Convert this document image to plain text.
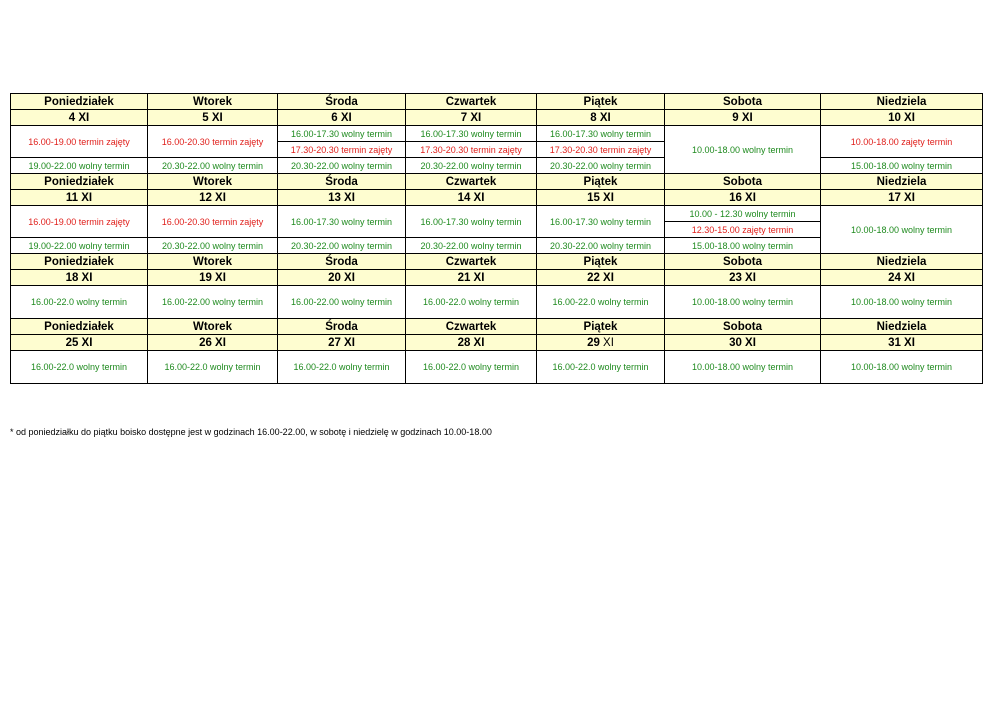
Poniedziałek	Wtorek	Środa	Czwartek	Piątek	Sobota	Niedziela
4 XI	5 XI	6 XI	7 XI	8 XI	9 XI	10 XI
16.00-19.00 termin zajęty	16.00-20.30 termin zajęty	16.00-17.30 wolny termin	16.00-17.30 wolny termin	16.00-17.30 wolny termin	10.00-18.00 wolny termin	10.00-18.00 zajęty termin
		17.30-20.30 termin zajęty	17.30-20.30 termin zajęty	17.30-20.30 termin zajęty		
19.00-22.00 wolny termin	20.30-22.00 wolny termin	20.30-22.00 wolny termin	20.30-22.00 wolny termin	20.30-22.00 wolny termin		15.00-18.00 wolny termin
Poniedziałek	Wtorek	Środa	Czwartek	Piątek	Sobota	Niedziela
11 XI	12 XI	13 XI	14 XI	15 XI	16 XI	17 XI
16.00-19.00 termin zajęty	16.00-20.30 termin zajęty	16.00-17.30 wolny termin	16.00-17.30 wolny termin	16.00-17.30 wolny termin	10.00 - 12.30 wolny termin	10.00-18.00 wolny termin
					12.30-15.00 zajęty termin	
19.00-22.00 wolny termin	20.30-22.00 wolny termin	20.30-22.00 wolny termin	20.30-22.00 wolny termin	20.30-22.00 wolny termin	15.00-18.00 wolny termin	
Poniedziałek	Wtorek	Środa	Czwartek	Piątek	Sobota	Niedziela
18 XI	19 XI	20 XI	21 XI	22 XI	23 XI	24 XI
16.00-22.0 wolny termin	16.00-22.00 wolny termin	16.00-22.00 wolny termin	16.00-22.0 wolny termin	16.00-22.0 wolny termin	10.00-18.00 wolny termin	10.00-18.00 wolny termin
Poniedziałek	Wtorek	Środa	Czwartek	Piątek	Sobota	Niedziela
25 XI	26 XI	27 XI	28 XI	29 XI	30 XI	31 XI
16.00-22.0 wolny termin	16.00-22.0 wolny termin	16.00-22.0 wolny termin	16.00-22.0 wolny termin	16.00-22.0 wolny termin	10.00-18.00 wolny termin	10.00-18.00 wolny termin
* od poniedziałku do piątku boisko dostępne jest w godzinach 16.00-22.00, w sobotę i niedzielę w godzinach 10.00-18.00
